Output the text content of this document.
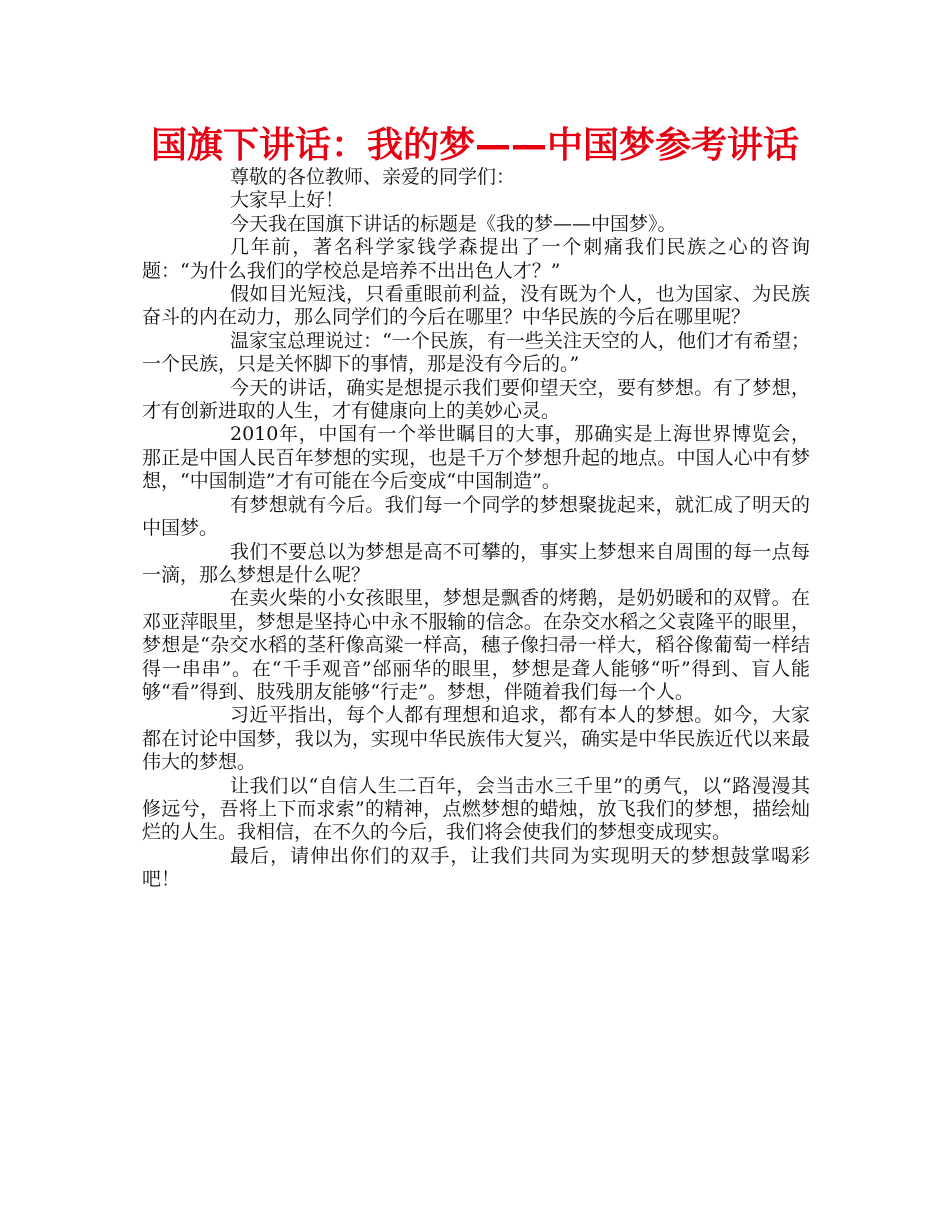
国旗下讲话：我的梦——中国梦参考讲话

尊敬的各位教师、亲爱的同学们：

大家早上好！

今天我在国旗下讲话的标题是《我的梦——中国梦》。

几年前，著名科学家钱学森提出了一个刺痛我们民族之心的咨询题：“为什么我们的学校总是培养不出出色人才？”

假如目光短浅，只看重眼前利益，没有既为个人，也为国家、为民族奋斗的内在动力，那么同学们的今后在哪里？中华民族的今后在哪里呢？

温家宝总理说过：“一个民族，有一些关注天空的人，他们才有希望；一个民族，只是关怀脚下的事情，那是没有今后的。”

今天的讲话，确实是想提示我们要仰望天空，要有梦想。有了梦想，才有创新进取的人生，才有健康向上的美妙心灵。

2010年，中国有一个举世瞩目的大事，那确实是上海世界博览会，那正是中国人民百年梦想的实现，也是千万个梦想升起的地点。中国人心中有梦想，“中国制造”才有可能在今后变成“中国制造”。

有梦想就有今后。我们每一个同学的梦想聚拢起来，就汇成了明天的中国梦。

我们不要总以为梦想是高不可攀的，事实上梦想来自周围的每一点每一滴，那么梦想是什么呢？

在卖火柴的小女孩眼里，梦想是飘香的烤鹅，是奶奶暖和的双臂。在邓亚萍眼里，梦想是坚持心中永不服输的信念。在杂交水稻之父袁隆平的眼里，梦想是“杂交水稻的茎秆像高粱一样高，穗子像扫帚一样大，稻谷像葡萄一样结得一串串”。在“千手观音”邰丽华的眼里，梦想是聋人能够“听”得到、盲人能够“看”得到、肢残朋友能够“行走”。梦想，伴随着我们每一个人。

习近平指出，每个人都有理想和追求，都有本人的梦想。如今，大家都在讨论中国梦，我以为，实现中华民族伟大复兴，确实是中华民族近代以来最伟大的梦想。

让我们以“自信人生二百年，会当击水三千里”的勇气，以“路漫漫其修远兮，吾将上下而求索”的精神，点燃梦想的蜡烛，放飞我们的梦想，描绘灿烂的人生。我相信，在不久的今后，我们将会使我们的梦想变成现实。

最后，请伸出你们的双手，让我们共同为实现明天的梦想鼓掌喝彩吧！
